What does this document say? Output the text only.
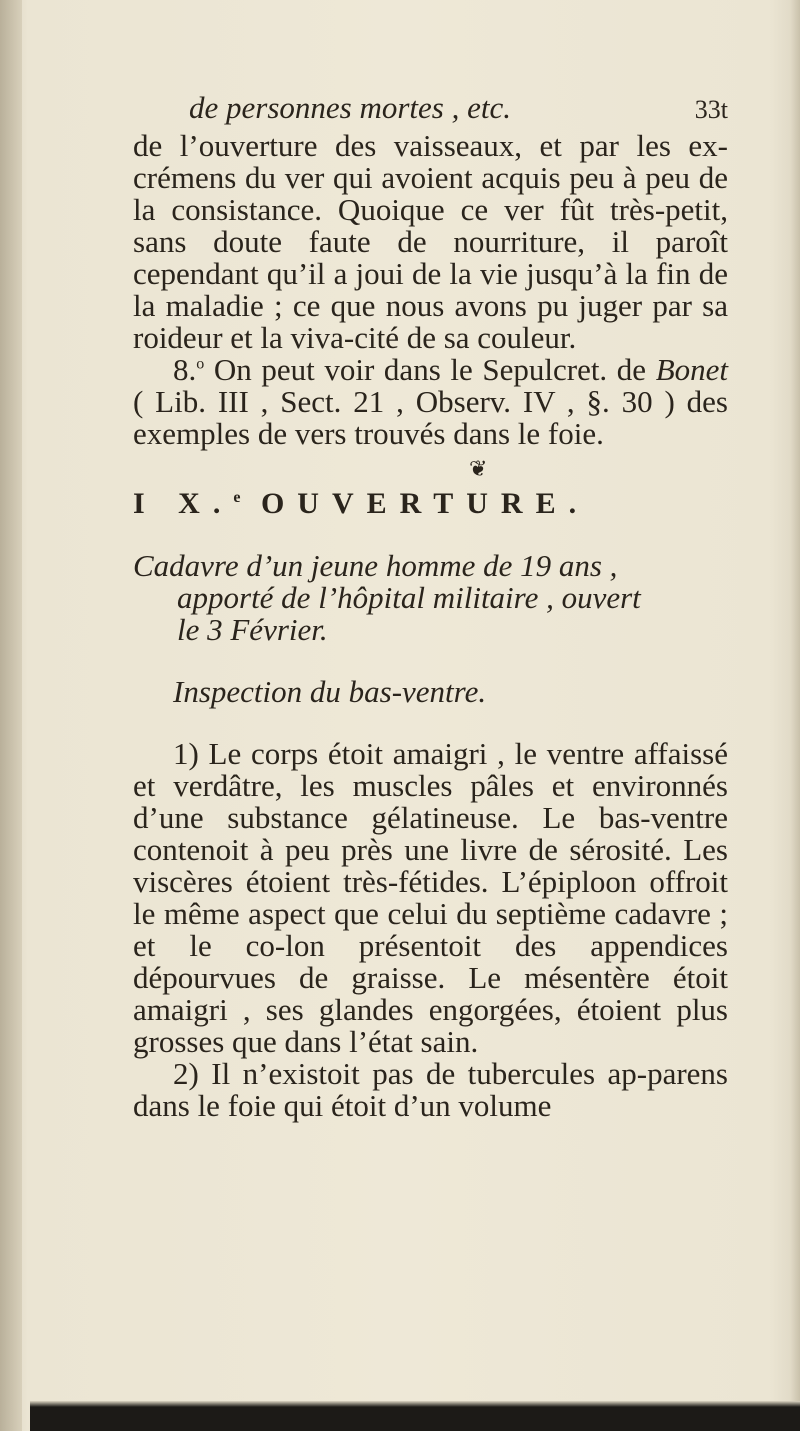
de personnes mortes , etc.	33t

de l’ouverture des vaisseaux, et par les ex-crémens du ver qui avoient acquis peu à peu de la consistance. Quoique ce ver fût très-petit, sans doute faute de nourriture, il paroît cependant qu’il a joui de la vie jusqu’à la fin de la maladie ; ce que nous avons pu juger par sa roideur et la viva-cité de sa couleur.

8.$^o$ On peut voir dans le Sepulcret. de Bonet ( Lib. III , Sect. 21 , Observ. IV , §. 30 ) des exemples de vers trouvés dans le foie.

❦
I X.$^e$ OUVERTURE.
Cadavre d’un jeune homme de 19 ans ,
apporté de l’hôpital militaire , ouvert
le 3 Février.
Inspection du bas-ventre.

1) Le corps étoit amaigri , le ventre affaissé et verdâtre, les muscles pâles et environnés d’une substance gélatineuse. Le bas-ventre contenoit à peu près une livre de sérosité. Les viscères étoient très-fétides. L’épiploon offroit le même aspect que celui du septième cadavre ; et le co-lon présentoit des appendices dépourvues de graisse. Le mésentère étoit amaigri , ses glandes engorgées, étoient plus grosses que dans l’état sain.

2) Il n’existoit pas de tubercules ap-parens dans le foie qui étoit d’un volume
